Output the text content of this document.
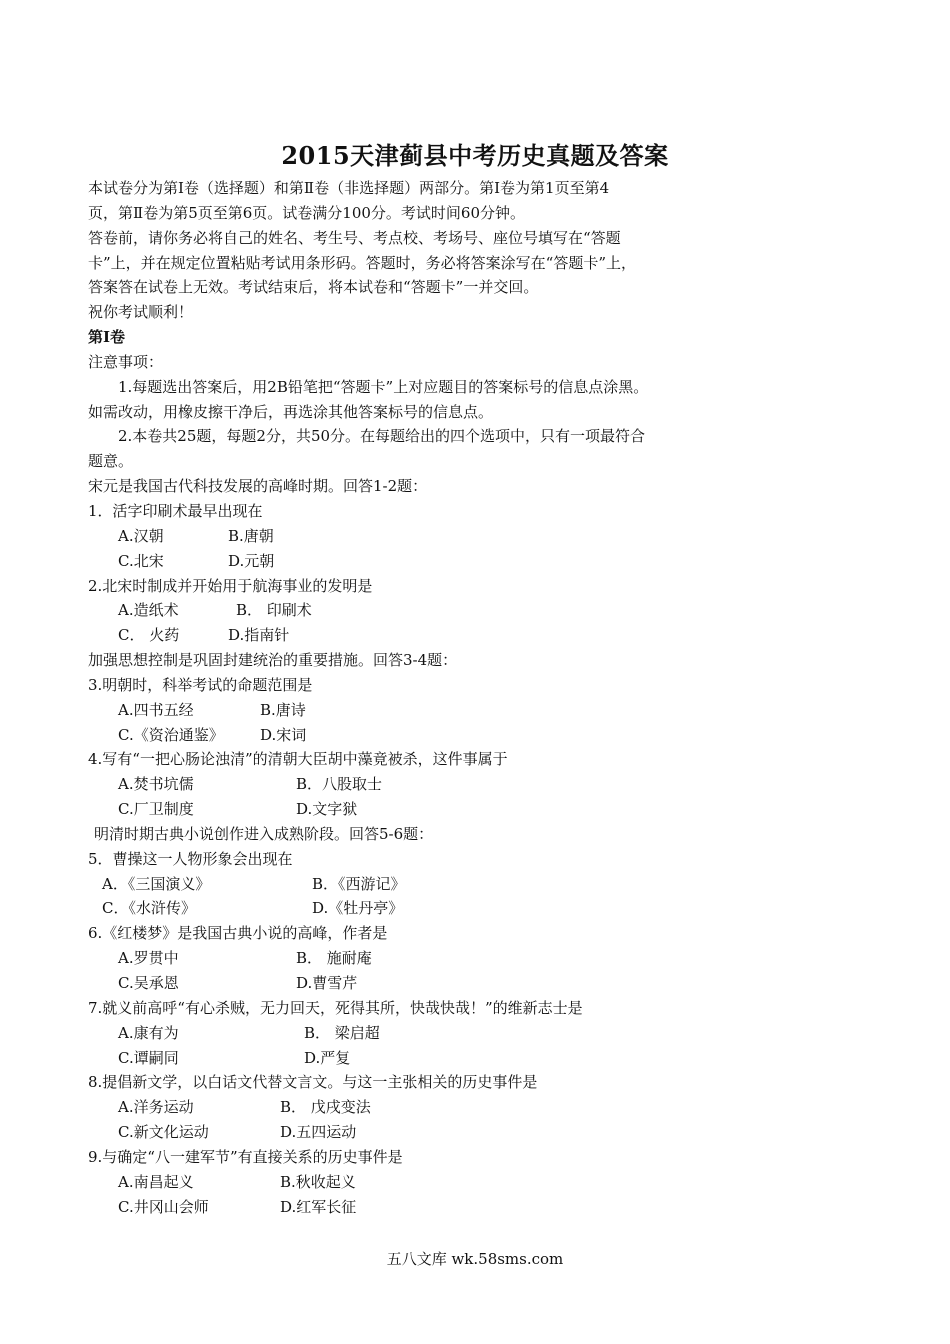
2015天津蓟县中考历史真题及答案
本试卷分为第Ⅰ卷（选择题）和第Ⅱ卷（非选择题）两部分。第Ⅰ卷为第1页至第4
页，第Ⅱ卷为第5页至第6页。试卷满分100分。考试时间60分钟。
答卷前，请你务必将自己的姓名、考生号、考点校、考场号、座位号填写在“答题
卡”上，并在规定位置粘贴考试用条形码。答题时，务必将答案涂写在“答题卡”上，
答案答在试卷上无效。考试结束后，将本试卷和“答题卡”一并交回。
祝你考试顺利！
第Ⅰ卷
注意事项：
1.每题选出答案后，用2B铅笔把“答题卡”上对应题目的答案标号的信息点涂黑。
如需改动，用橡皮擦干净后，再选涂其他答案标号的信息点。
2.本卷共25题，每题2分，共50分。在每题给出的四个选项中，只有一项最符合
题意。
宋元是我国古代科技发展的高峰时期。回答1-2题：
1．活字印刷术最早出现在
A.汉朝	B.唐朝
C.北宋	D.元朝
2.北宋时制成并开始用于航海事业的发明是
A.造纸术	B． 印刷术
C． 火药	D.指南针
加强思想控制是巩固封建统治的重要措施。回答3-4题：
3.明朝时，科举考试的命题范围是
A.四书五经	B.唐诗
C.《资治通鉴》	D.宋词
4.写有“一把心肠论浊清”的清朝大臣胡中藻竟被杀，这件事属于
A.焚书坑儒	B．八股取士
C.厂卫制度	D.文字狱
明清时期古典小说创作进入成熟阶段。回答5-6题：
5．曹操这一人物形象会出现在
A．《三国演义》	B．《西游记》
C．《水浒传》	D.《牡丹亭》
6.《红楼梦》是我国古典小说的高峰，作者是
A.罗贯中	B． 施耐庵
C.吴承恩	D.曹雪芹
7.就义前高呼“有心杀贼，无力回天，死得其所，快哉快哉！”的维新志士是
A.康有为	B． 梁启超
C.谭嗣同	D.严复
8.提倡新文学，以白话文代替文言文。与这一主张相关的历史事件是
A.洋务运动	B． 戊戌变法
C.新文化运动	D.五四运动
9.与确定“八一建军节”有直接关系的历史事件是
A.南昌起义	B.秋收起义
C.井冈山会师	D.红军长征
五八文库 wk.58sms.com
